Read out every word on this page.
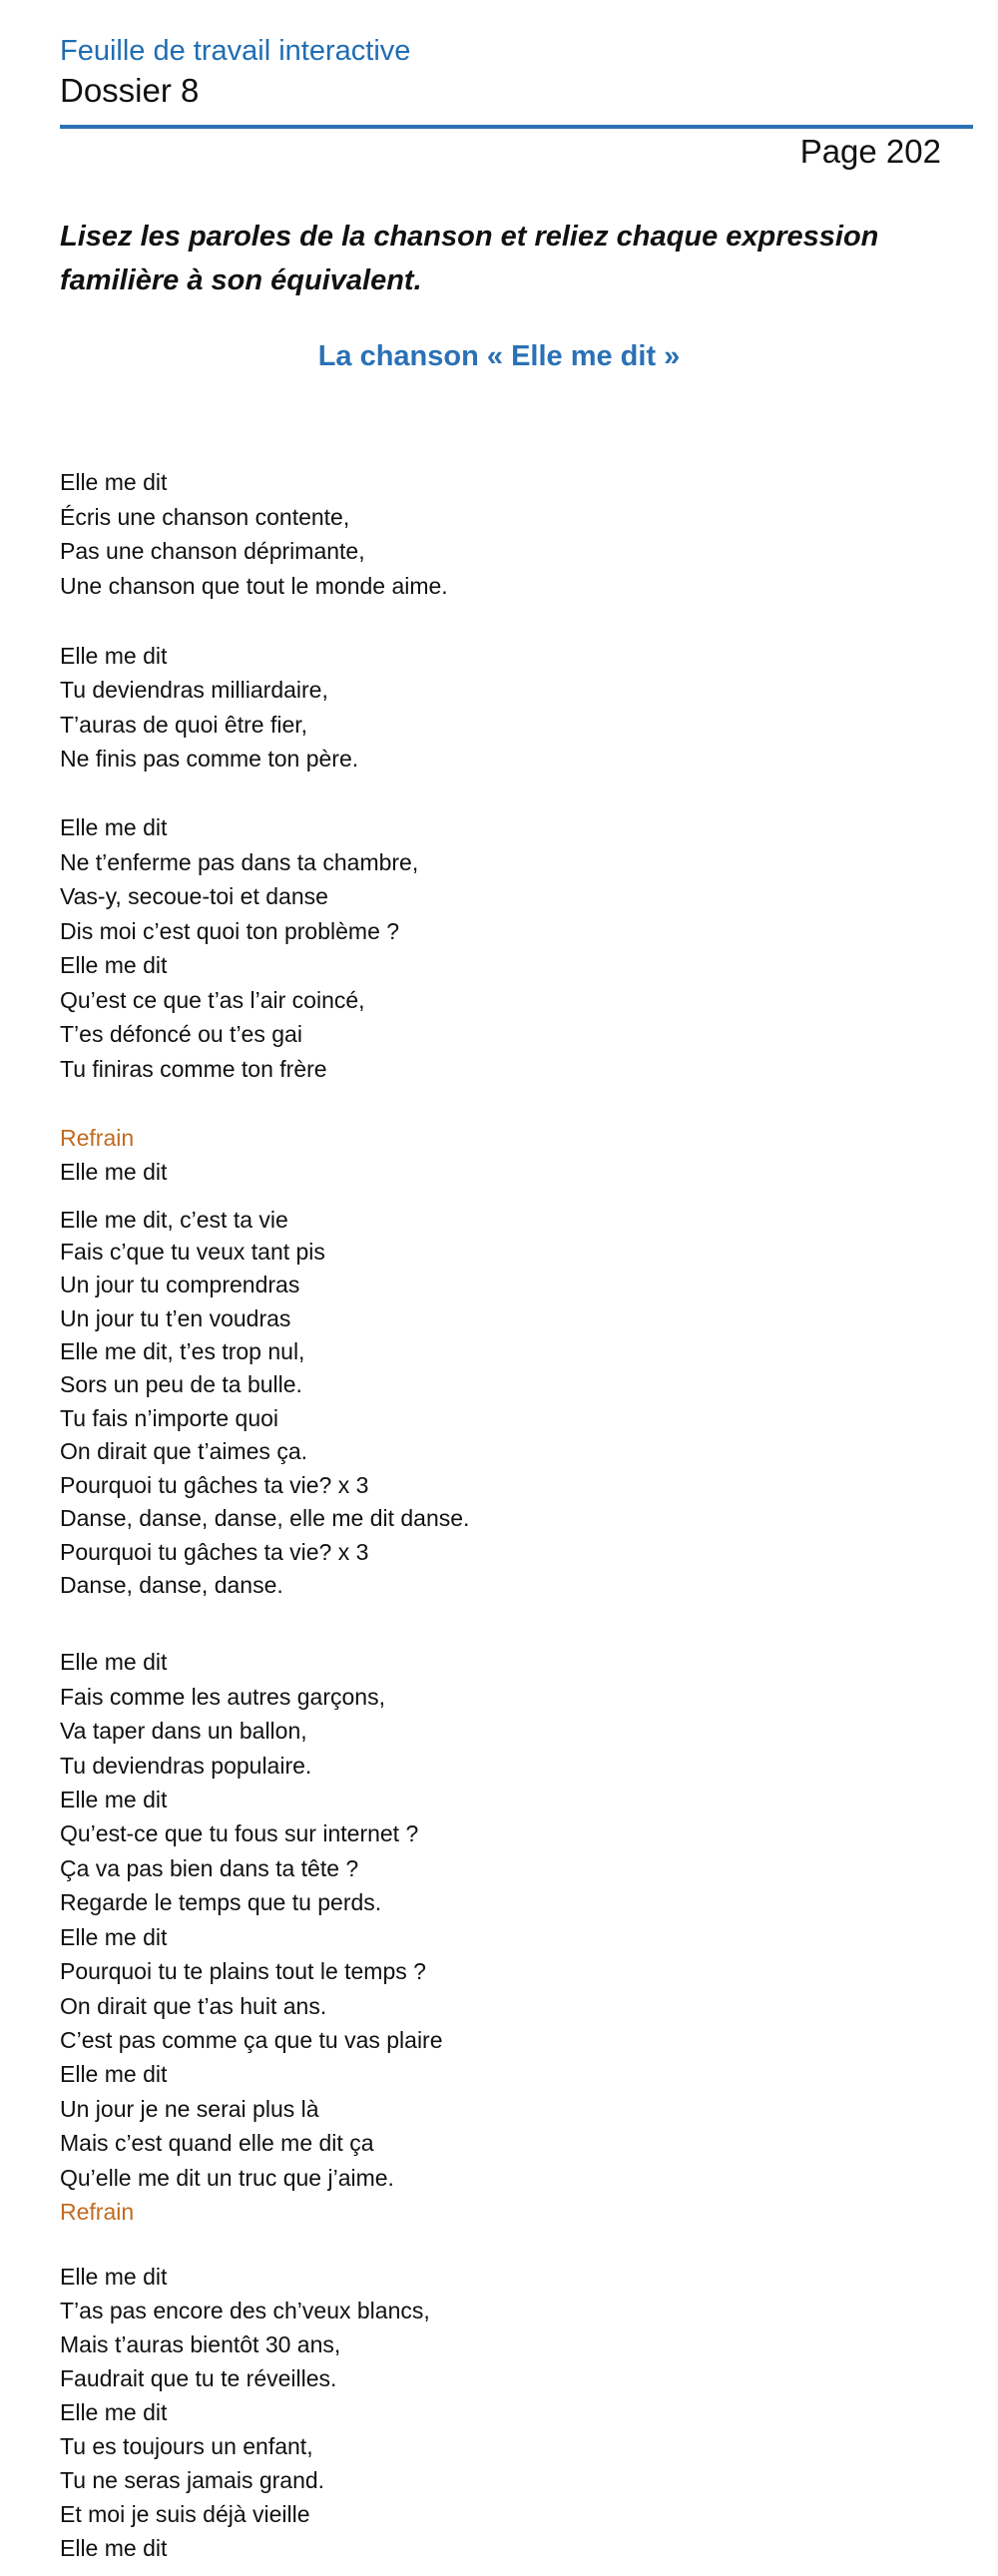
Feuille de travail interactive
Dossier 8
Page 202
Lisez les paroles de la chanson et reliez chaque expression familière à son équivalent.
La chanson « Elle me dit »
Elle me dit
Écris une chanson contente,
Pas une chanson déprimante,
Une chanson que tout le monde aime.
Elle me dit
Tu deviendras milliardaire,
T’auras de quoi être fier,
Ne finis pas comme ton père.
Elle me dit
Ne t’enferme pas dans ta chambre,
Vas-y, secoue-toi et danse
Dis moi c’est quoi ton problème ?
Elle me dit
Qu’est ce que t’as l’air coincé,
T’es défoncé ou t’es gai
Tu finiras comme ton frère
Refrain
Elle me dit
Elle me dit, c’est ta vie
Fais c’que tu veux tant pis
Un jour tu comprendras
Un jour tu t’en voudras
Elle me dit, t’es trop nul,
Sors un peu de ta bulle.
Tu fais n’importe quoi
On dirait que t’aimes ça.
Pourquoi tu gâches ta vie? x 3
Danse, danse, danse, elle me dit danse.
Pourquoi tu gâches ta vie? x 3
Danse, danse, danse.
Elle me dit
Fais comme les autres garçons,
Va taper dans un ballon,
Tu deviendras populaire.
Elle me dit
Qu’est-ce que tu fous sur internet ?
Ça va pas bien dans ta tête ?
Regarde le temps que tu perds.
Elle me dit
Pourquoi tu te plains tout le temps ?
On dirait que t’as huit ans.
C’est pas comme ça que tu vas plaire
Elle me dit
Un jour je ne serai plus là
Mais c’est quand elle me dit ça
Qu’elle me dit un truc que j’aime.
Refrain
Elle me dit
T’as pas encore des ch’veux blancs,
Mais t’auras bientôt 30 ans,
Faudrait que tu te réveilles.
Elle me dit
Tu es toujours un enfant,
Tu ne seras jamais grand.
Et moi je suis déjà vieille
Elle me dit
